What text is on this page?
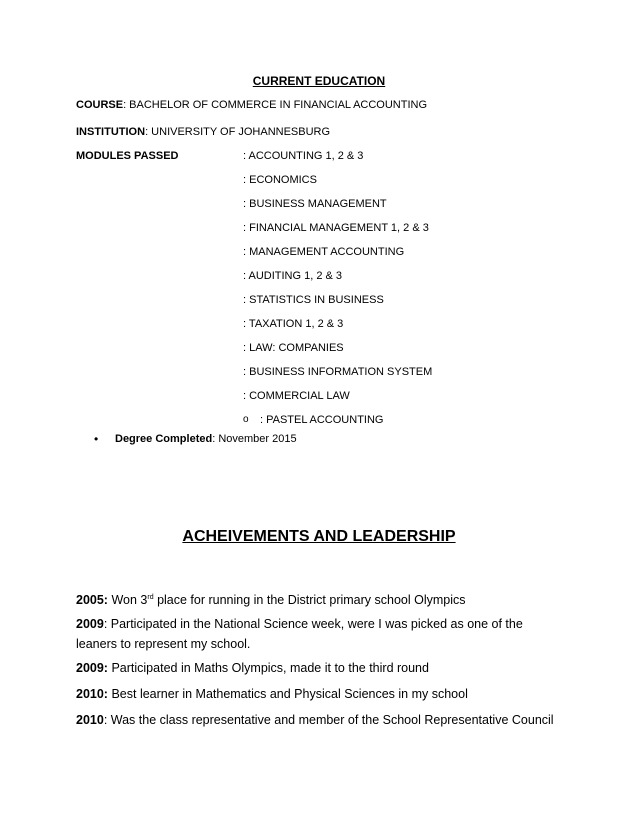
CURRENT EDUCATION
COURSE: BACHELOR OF COMMERCE IN FINANCIAL ACCOUNTING
INSTITUTION: UNIVERSITY OF JOHANNESBURG
MODULES PASSED	: ACCOUNTING 1, 2 & 3
: ECONOMICS
: BUSINESS MANAGEMENT
: FINANCIAL MANAGEMENT 1, 2 & 3
: MANAGEMENT ACCOUNTING
: AUDITING 1, 2 & 3
: STATISTICS IN BUSINESS
: TAXATION 1, 2 & 3
: LAW: COMPANIES
: BUSINESS INFORMATION SYSTEM
: COMMERCIAL LAW
o : PASTEL ACCOUNTING
• Degree Completed: November 2015
ACHEIVEMENTS AND LEADERSHIP
2005: Won 3rd place for running in the District primary school Olympics
2009: Participated in the National Science week, were I was picked as one of the leaners to represent my school.
2009: Participated in Maths Olympics, made it to the third round
2010: Best learner in Mathematics and Physical Sciences in my school
2010: Was the class representative and member of the School Representative Council
